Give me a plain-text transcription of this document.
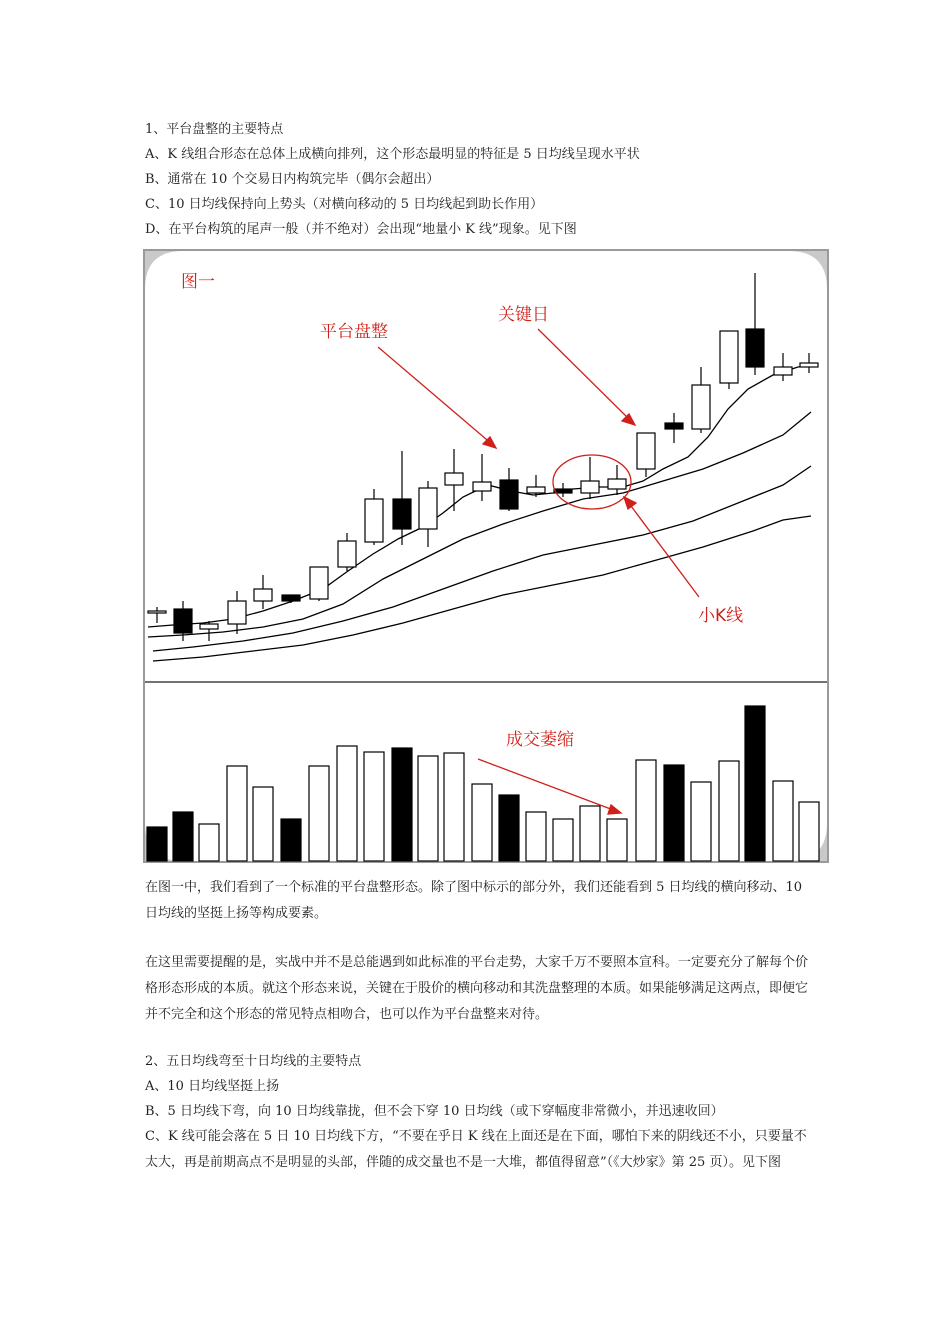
1、平台盘整的主要特点
A、K 线组合形态在总体上成横向排列，这个形态最明显的特征是 5 日均线呈现水平状
B、通常在 10 个交易日内构筑完毕（偶尔会超出）
C、10 日均线保持向上势头（对横向移动的 5 日均线起到助长作用）
D、在平台构筑的尾声一般（并不绝对）会出现“地量小 K 线”现象。见下图
图一
平台盘整
关键日
小K线
成交萎缩
在图一中，我们看到了一个标准的平台盘整形态。除了图中标示的部分外，我们还能看到 5 日均线的横向移动、10 日均线的坚挺上扬等构成要素。
在这里需要提醒的是，实战中并不是总能遇到如此标准的平台走势，大家千万不要照本宣科。一定要充分了解每个价格形态形成的本质。就这个形态来说，关键在于股价的横向移动和其洗盘整理的本质。如果能够满足这两点，即便它并不完全和这个形态的常见特点相吻合，也可以作为平台盘整来对待。
2、五日均线弯至十日均线的主要特点
A、10 日均线坚挺上扬
B、5 日均线下弯，向 10 日均线靠拢，但不会下穿 10 日均线（或下穿幅度非常微小，并迅速收回）
C、K 线可能会落在 5 日 10 日均线下方，“不要在乎日 K 线在上面还是在下面，哪怕下来的阴线还不小，只要量不太大，再是前期高点不是明显的头部，伴随的成交量也不是一大堆，都值得留意”（《大炒家》第 25 页）。见下图
